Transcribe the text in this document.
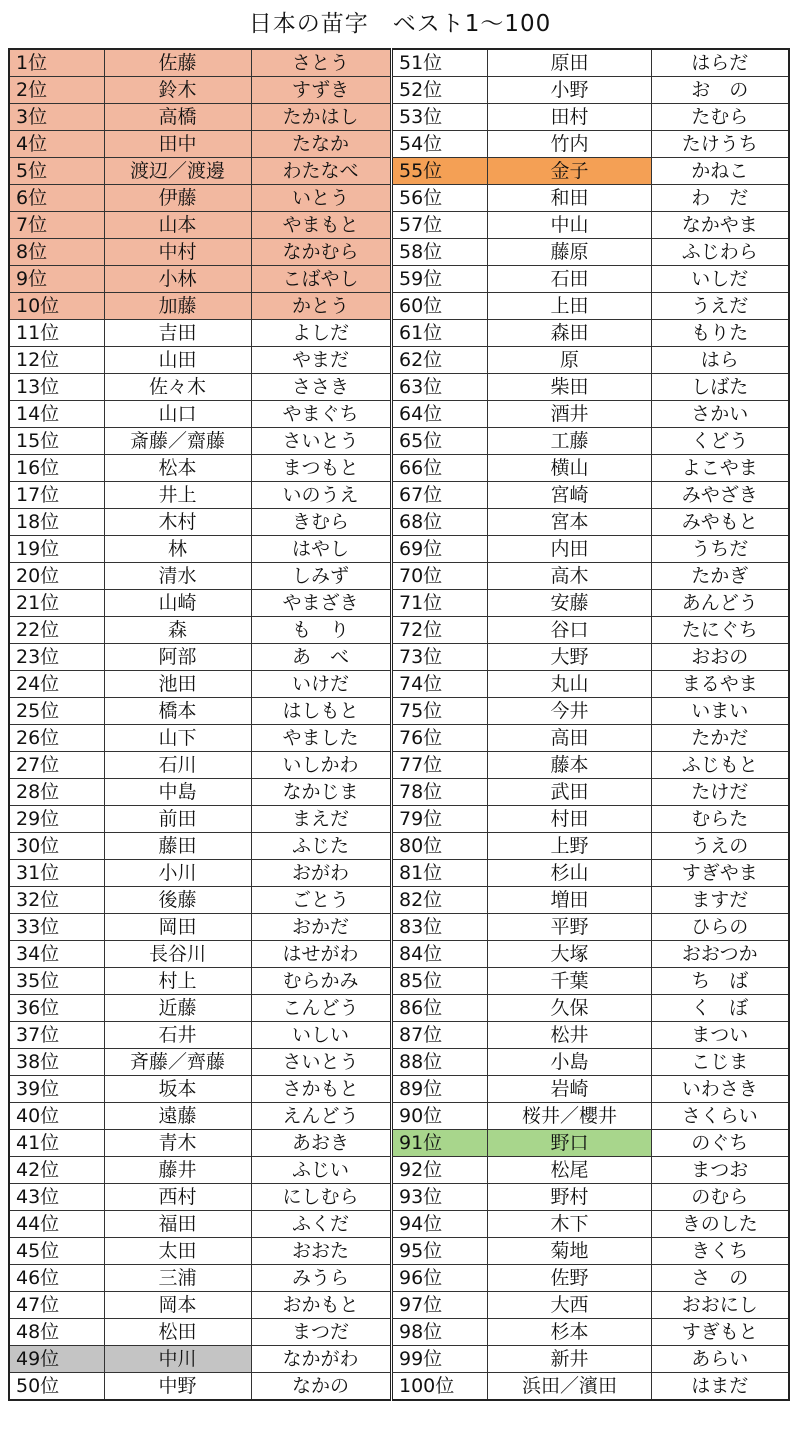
日本の苗字　ベスト1～100
1位	佐藤	さとう
2位	鈴木	すずき
3位	高橋	たかはし
4位	田中	たなか
5位	渡辺／渡邊	わたなべ
6位	伊藤	いとう
7位	山本	やまもと
8位	中村	なかむら
9位	小林	こばやし
10位	加藤	かとう
11位	吉田	よしだ
12位	山田	やまだ
13位	佐々木	ささき
14位	山口	やまぐち
15位	斎藤／齋藤	さいとう
16位	松本	まつもと
17位	井上	いのうえ
18位	木村	きむら
19位	林	はやし
20位	清水	しみず
21位	山崎	やまざき
22位	森	も　り
23位	阿部	あ　べ
24位	池田	いけだ
25位	橋本	はしもと
26位	山下	やました
27位	石川	いしかわ
28位	中島	なかじま
29位	前田	まえだ
30位	藤田	ふじた
31位	小川	おがわ
32位	後藤	ごとう
33位	岡田	おかだ
34位	長谷川	はせがわ
35位	村上	むらかみ
36位	近藤	こんどう
37位	石井	いしい
38位	斉藤／齊藤	さいとう
39位	坂本	さかもと
40位	遠藤	えんどう
41位	青木	あおき
42位	藤井	ふじい
43位	西村	にしむら
44位	福田	ふくだ
45位	太田	おおた
46位	三浦	みうら
47位	岡本	おかもと
48位	松田	まつだ
49位	中川	なかがわ
50位	中野	なかの
51位	原田	はらだ
52位	小野	お　の
53位	田村	たむら
54位	竹内	たけうち
55位	金子	かねこ
56位	和田	わ　だ
57位	中山	なかやま
58位	藤原	ふじわら
59位	石田	いしだ
60位	上田	うえだ
61位	森田	もりた
62位	原	はら
63位	柴田	しばた
64位	酒井	さかい
65位	工藤	くどう
66位	横山	よこやま
67位	宮崎	みやざき
68位	宮本	みやもと
69位	内田	うちだ
70位	高木	たかぎ
71位	安藤	あんどう
72位	谷口	たにぐち
73位	大野	おおの
74位	丸山	まるやま
75位	今井	いまい
76位	高田	たかだ
77位	藤本	ふじもと
78位	武田	たけだ
79位	村田	むらた
80位	上野	うえの
81位	杉山	すぎやま
82位	増田	ますだ
83位	平野	ひらの
84位	大塚	おおつか
85位	千葉	ち　ば
86位	久保	く　ぼ
87位	松井	まつい
88位	小島	こじま
89位	岩崎	いわさき
90位	桜井／櫻井	さくらい
91位	野口	のぐち
92位	松尾	まつお
93位	野村	のむら
94位	木下	きのした
95位	菊地	きくち
96位	佐野	さ　の
97位	大西	おおにし
98位	杉本	すぎもと
99位	新井	あらい
100位	浜田／濱田	はまだ
